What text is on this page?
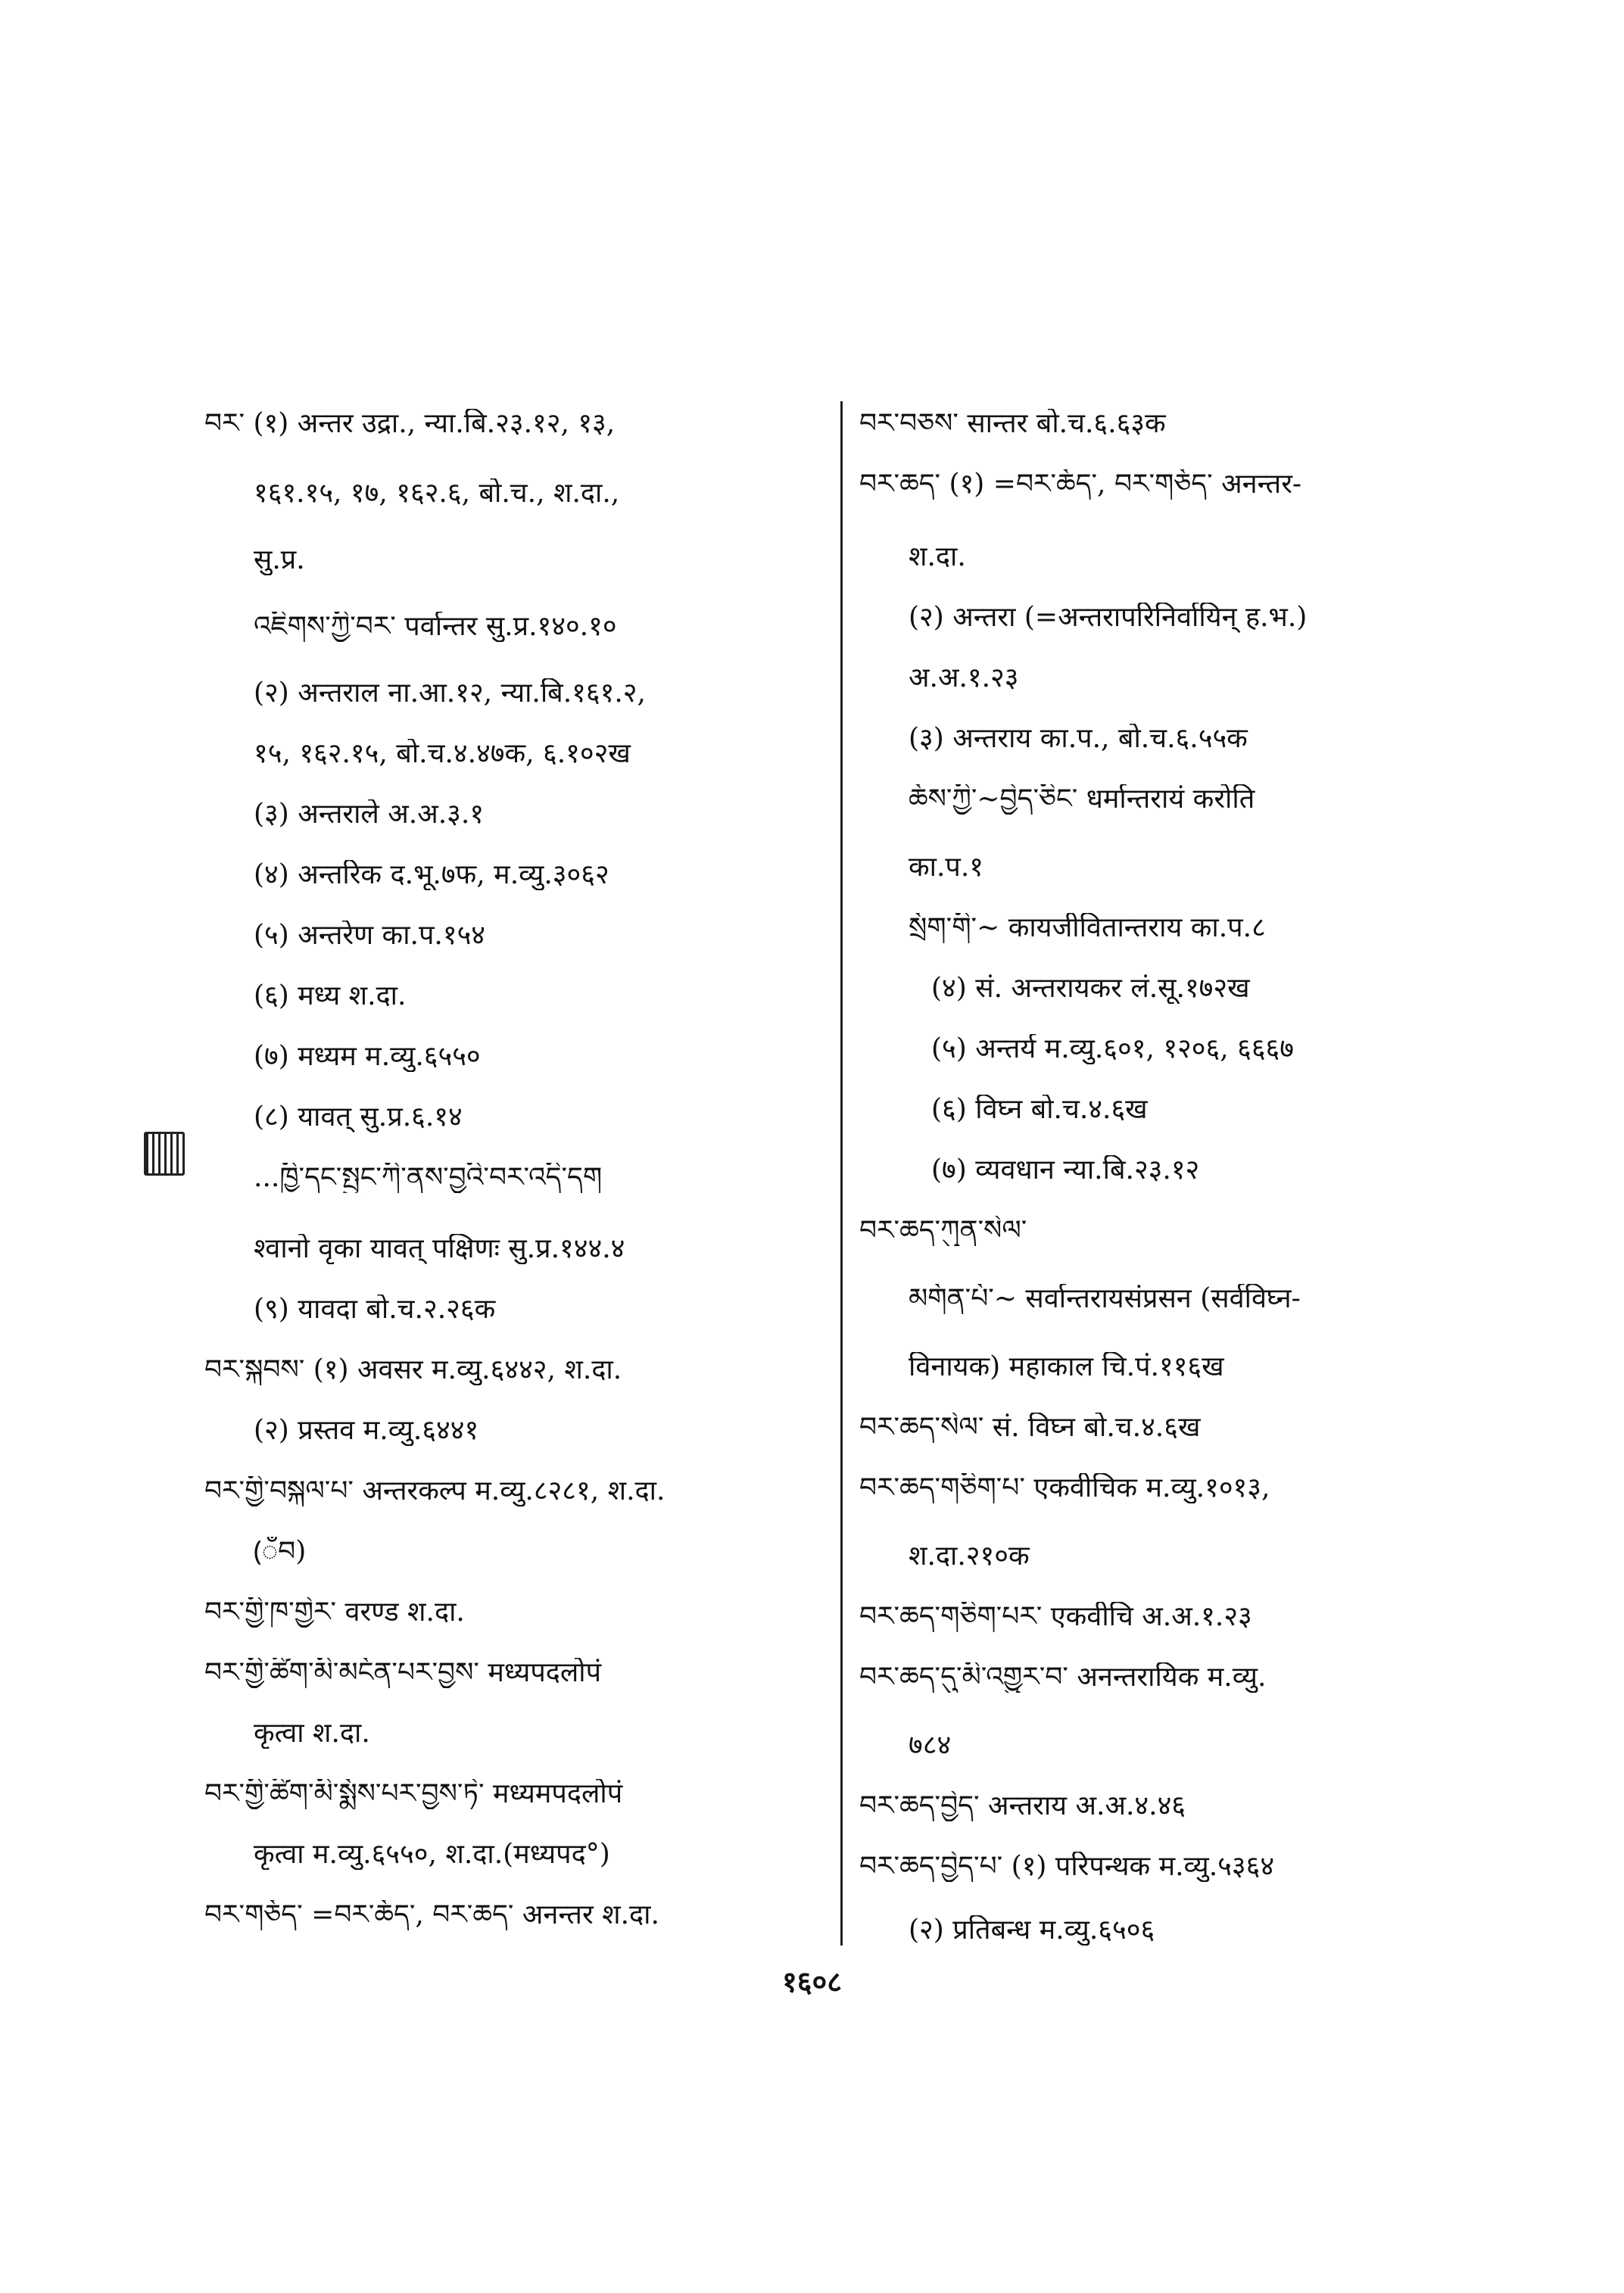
བར་ (१) अन्तर उद्रा., न्या.बि.२३.१२, १३,
१६१.१५, १७, १६२.६, बो.च., श.दा.,
सु.प्र.
འཇིགས་ཀྱི་བར་ पर्वान्तर सु.प्र.१४०.१०
(२) अन्तराल ना.आ.१२, न्या.बि.१६१.२,
१५, १६२.१५, बो.च.४.४७क, ६.१०२ख
(३) अन्तराले अ.अ.३.१
(४) अन्तरिक द.भू.७फ, म.व्यु.३०६२
(५) अन्तरेण का.प.१५४
(६) मध्य श.दा.
(७) मध्यम म.व्यु.६५५०
(८) यावत् सु.प्र.६.१४
...ཁྱི་དང་སྤྱང་ཀི་ནས་བྱའི་བར་འདི་དག
श्वानो वृका यावत् पक्षिणः सु.प्र.१४४.४
(९) यावदा बो.च.२.२६क
བར་སྐབས་ (१) अवसर म.व्यु.६४४२, श.दा.
(२) प्रस्तव म.व्यु.६४४१
བར་གྱི་བསྐལ་པ་ अन्तरकल्प म.व्यु.८२८१, श.दा.
(ँབ)
བར་གྱི་ཁ་གྱེར་ वरण्ड श.दा.
བར་གྱི་ཚིག་མི་མངོན་པར་བྱས་ मध्यपदलोपं
कृत्वा श.दा.
བར་གྱི་ཚིག་མི་སྨོས་པར་བྱས་ཏེ་ मध्यमपदलोपं
कृत्वा म.व्यु.६५५०, श.दा.(मध्यपद°)
བར་གཅོད་ =བར་ཆོད་, བར་ཆད་ अनन्तर श.दा.
བར་བཅས་ सान्तर बो.च.६.६३क
བར་ཆད་ (१) =བར་ཆོད་, བར་གཅོད་ अनन्तर-
श.दा.
(२) अन्तरा (=अन्तरापरिनिर्वायिन् ह.भ.)
अ.अ.१.२३
(३) अन्तराय का.प., बो.च.६.५५क
ཆོས་ཀྱི་~བྱེད་ཅིང་ धर्मान्तरायं करोति
का.प.१
སྲོག་གི་~ कायजीवितान्तराय का.प.८
(४) सं. अन्तरायकर लं.सू.१७२ख
(५) अन्तर्य म.व्यु.६०१, १२०६, ६६६७
(६) विघ्न बो.च.४.६ख
(७) व्यवधान न्या.बि.२३.१२
བར་ཆད་ཀུན་སེལ་
མགོན་པོ་~ सर्वान्तरायसंप्रसन (सर्वविघ्न-
विनायक) महाकाल चि.पं.११६ख
བར་ཆད་སེལ་ सं. विघ्न बो.च.४.६ख
བར་ཆད་གཅིག་པ་ एकवीचिक म.व्यु.१०१३,
श.दा.२१०क
བར་ཆད་གཅིག་པར་ एकवीचि अ.अ.१.२३
བར་ཆད་དུ་མི་འགྱུར་བ་ अनन्तरायिक म.व्यु.
७८४
བར་ཆད་བྱེད་ अन्तराय अ.अ.४.४६
བར་ཆད་བྱེད་པ་ (१) परिपन्थक म.व्यु.५३६४
(२) प्रतिबन्ध म.व्यु.६५०६
१६०८
